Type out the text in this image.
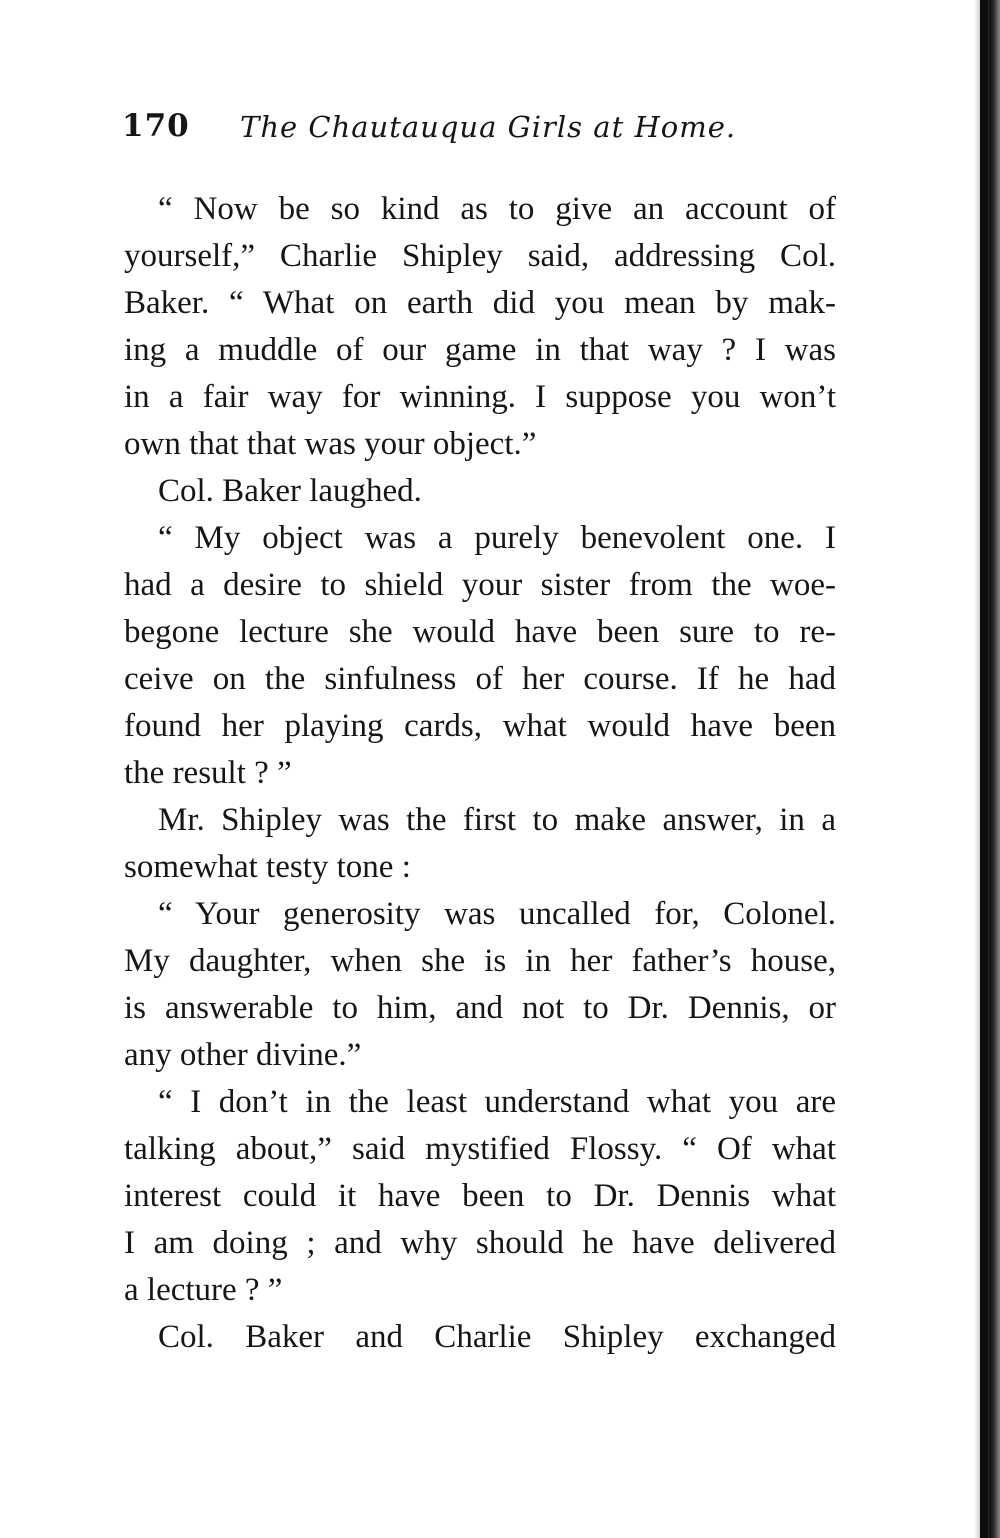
170 The Chautauqua Girls at Home.
“ Now be so kind as to give an account of
yourself,” Charlie Shipley said, addressing Col.
Baker. “ What on earth did you mean by mak-
ing a muddle of our game in that way ? I was
in a fair way for winning. I suppose you won’t
own that that was your object.”
Col. Baker laughed.
“ My object was a purely benevolent one. I
had a desire to shield your sister from the woe-
begone lecture she would have been sure to re-
ceive on the sinfulness of her course. If he had
found her playing cards, what would have been
the result ? ”
Mr. Shipley was the first to make answer, in a
somewhat testy tone :
“ Your generosity was uncalled for, Colonel.
My daughter, when she is in her father’s house,
is answerable to him, and not to Dr. Dennis, or
any other divine.”
“ I don’t in the least understand what you are
talking about,” said mystified Flossy. “ Of what
interest could it have been to Dr. Dennis what
I am doing ; and why should he have delivered
a lecture ? ”
Col. Baker and Charlie Shipley exchanged
